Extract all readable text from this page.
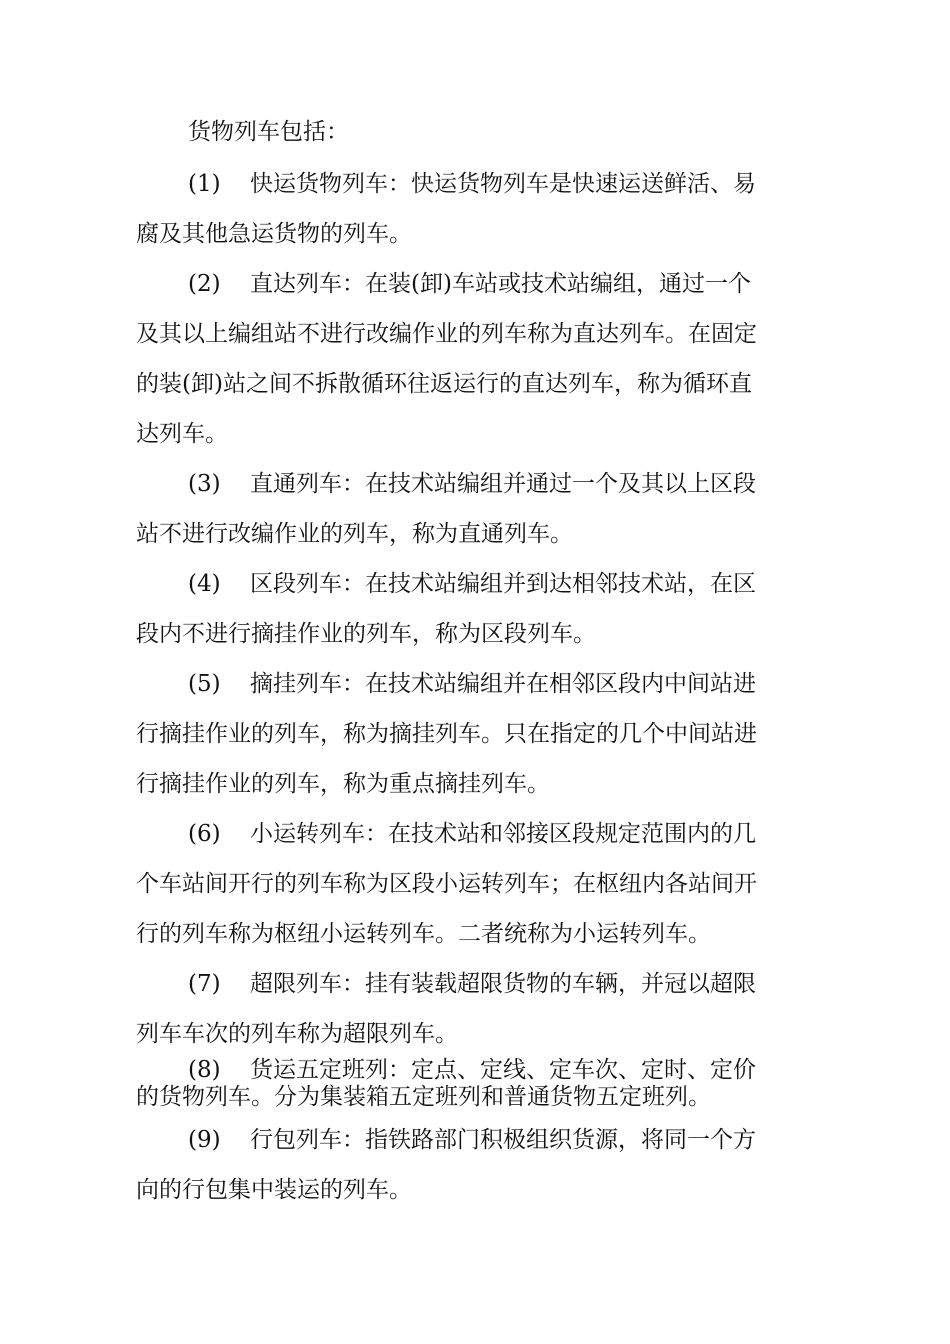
货物列车包括：
(1) 快运货物列车：快运货物列车是快速运送鲜活、易
腐及其他急运货物的列车。
(2) 直达列车：在装(卸)车站或技术站编组，通过一个
及其以上编组站不进行改编作业的列车称为直达列车。在固定
的装(卸)站之间不拆散循环往返运行的直达列车，称为循环直
达列车。
(3) 直通列车：在技术站编组并通过一个及其以上区段
站不进行改编作业的列车，称为直通列车。
(4) 区段列车：在技术站编组并到达相邻技术站，在区
段内不进行摘挂作业的列车，称为区段列车。
(5) 摘挂列车：在技术站编组并在相邻区段内中间站进
行摘挂作业的列车，称为摘挂列车。只在指定的几个中间站进
行摘挂作业的列车，称为重点摘挂列车。
(6) 小运转列车：在技术站和邻接区段规定范围内的几
个车站间开行的列车称为区段小运转列车；在枢纽内各站间开
行的列车称为枢纽小运转列车。二者统称为小运转列车。
(7) 超限列车：挂有装载超限货物的车辆，并冠以超限
列车车次的列车称为超限列车。
(8) 货运五定班列：定点、定线、定车次、定时、定价
的货物列车。分为集装箱五定班列和普通货物五定班列。
(9) 行包列车：指铁路部门积极组织货源，将同一个方
向的行包集中装运的列车。
